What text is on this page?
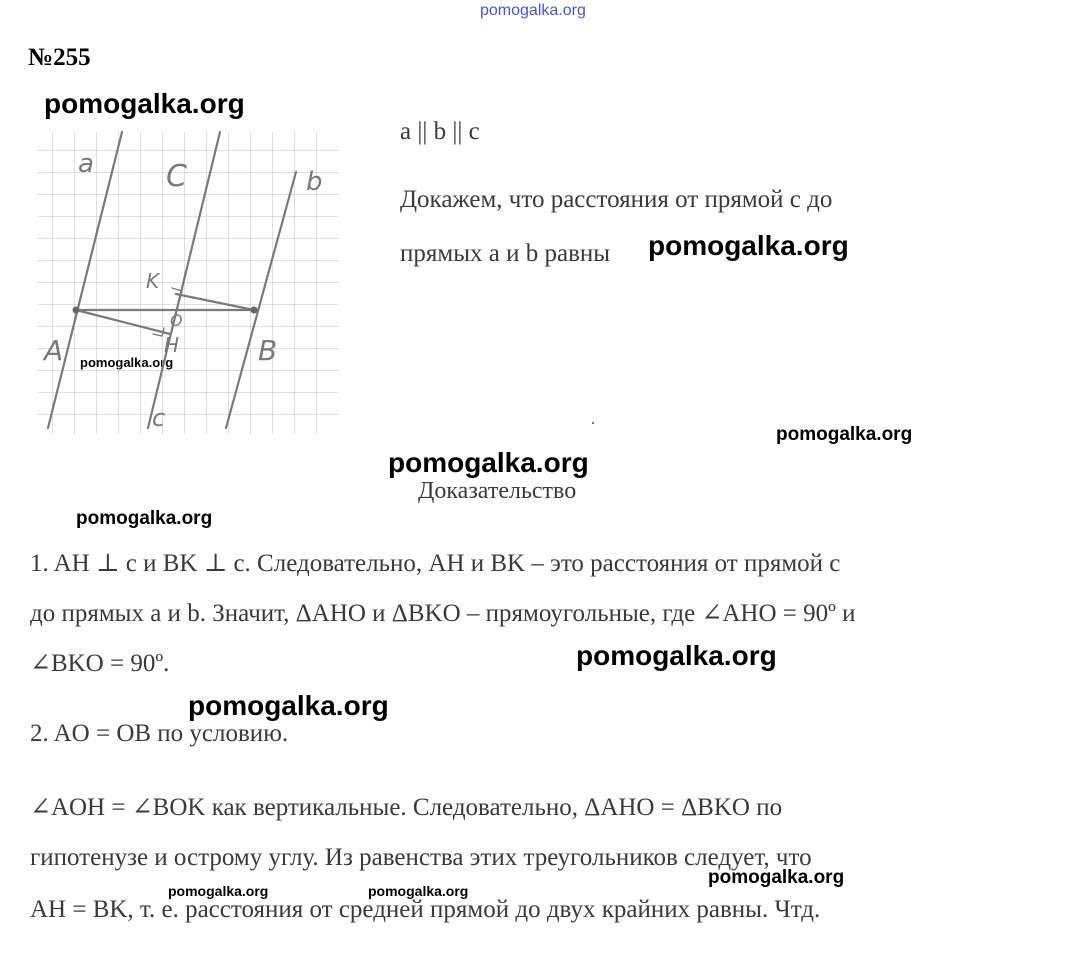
pomogalka.org
№255
pomogalka.org
pomogalka.org
pomogalka.org
pomogalka.org
pomogalka.org
pomogalka.org
pomogalka.org
pomogalka.org
pomogalka.org	pomogalka.org
a C	b
A	B
K
O
H
c
a || b || c
Докажем, что расстояния от прямой c до
прямых a и b равны
Доказательство
1. AH ⊥ c и BK ⊥ c. Следовательно, AH и BK – это расстояния от прямой c
до прямых a и b. Значит, ΔAHO и ΔBKO – прямоугольные, где ∠AHO = 90º и
∠BKO = 90º.
2. AO = OB по условию.
∠AOH = ∠BOK как вертикальные. Следовательно, ΔAHO = ΔBKO по
гипотенузе и острому углу. Из равенства этих треугольников следует, что
AH = BK, т. е. расстояния от средней прямой до двух крайних равны. Чтд.
